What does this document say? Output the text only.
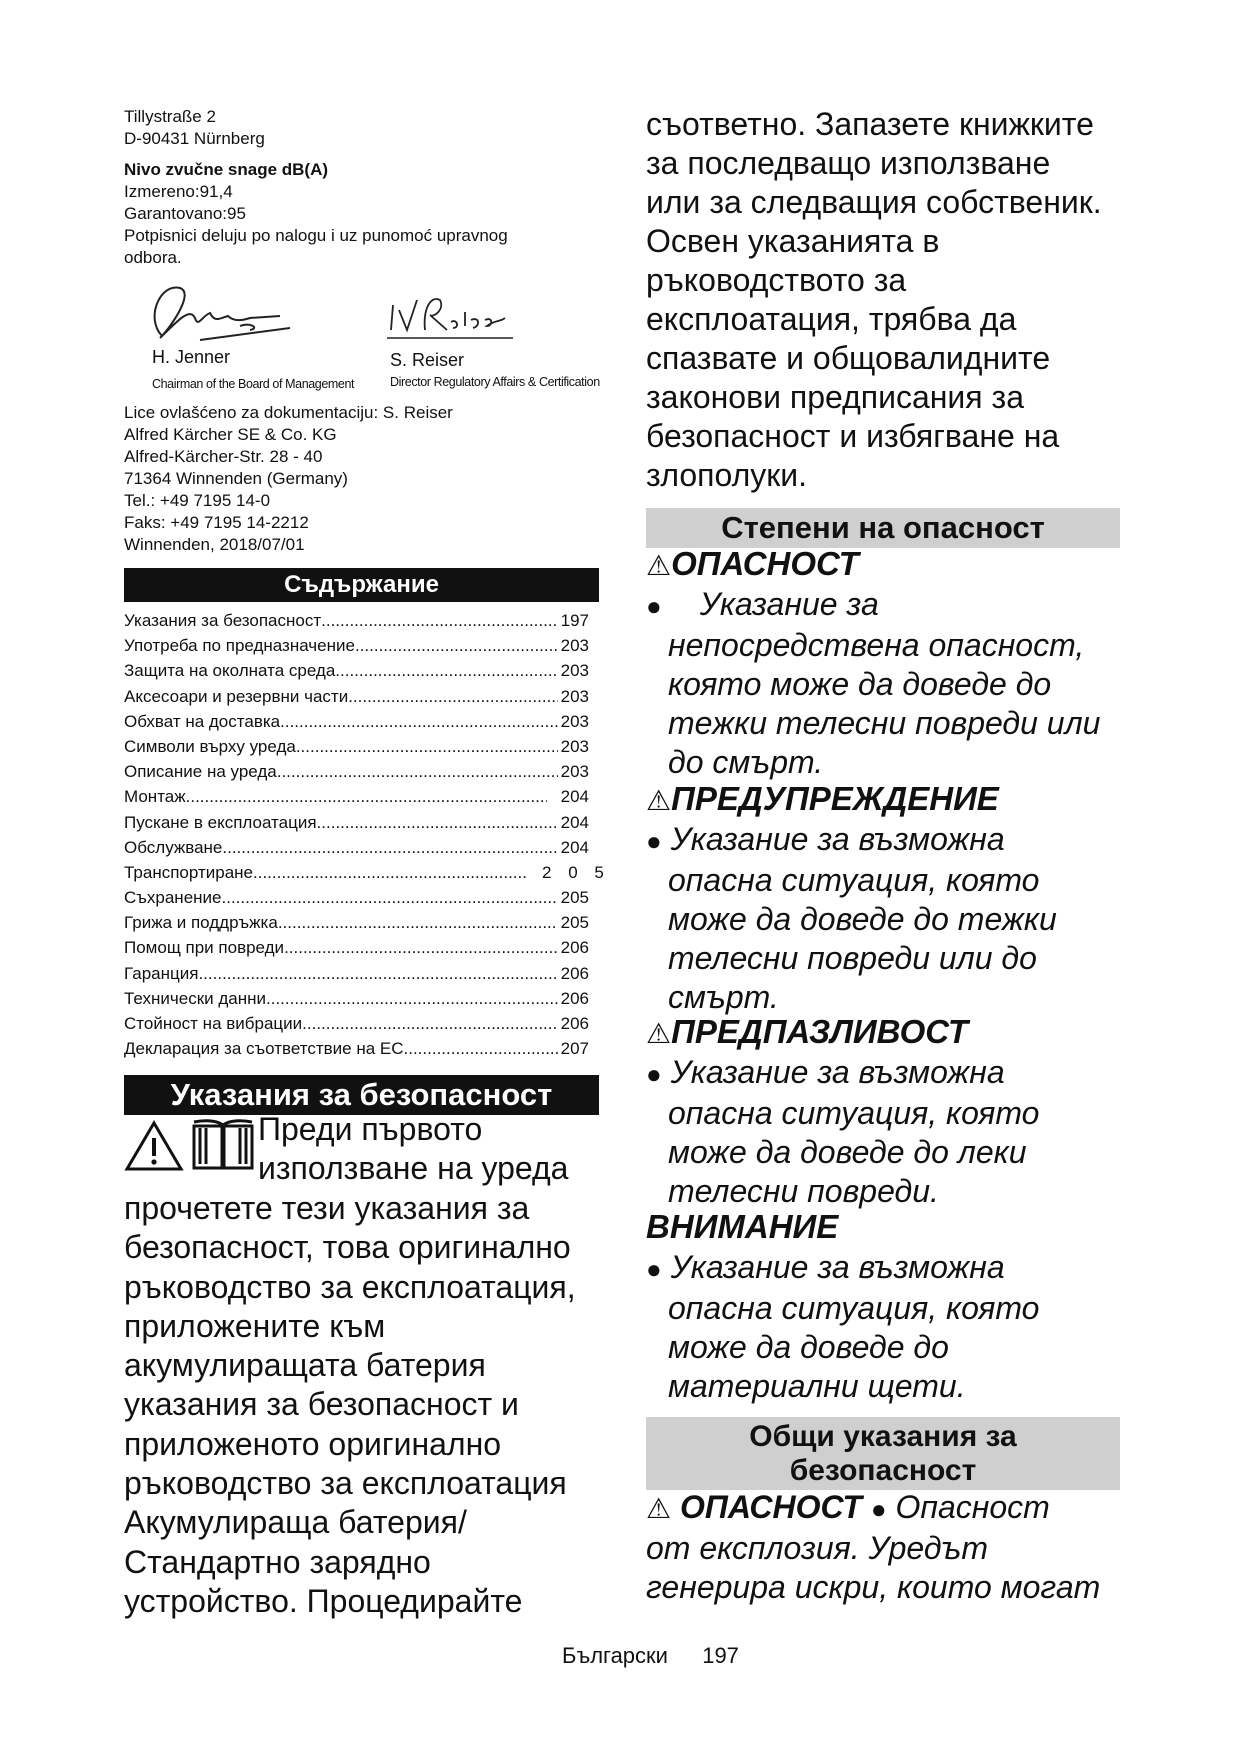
Tillystraße 2
D-90431 Nürnberg
Nivo zvučne snage dB(A)
Izmereno:91,4
Garantovano:95
Potpisnici deluju po nalogu i uz punomoć upravnog
odbora.
H. Jenner
Chairman of the Board of Management
S. Reiser
Director Regulatory Affairs & Certification
Lice ovlašćeno za dokumentaciju: S. Reiser
Alfred Kärcher SE & Co. KG
Alfred-Kärcher-Str. 28 - 40
71364 Winnenden (Germany)
Tel.: +49 7195 14-0
Faks: +49 7195 14-2212
Winnenden, 2018/07/01
Съдържание
Указания за безопасност .....	197
Употреба по предназначение .....	203
Защита на околната среда .....	203
Аксесоари и резервни части .....	203
Обхват на доставка .....	203
Символи върху уреда .....	203
Описание на уреда .....	203
Монтаж .....	204
Пускане в експлоатация .....	204
Обслужване .....	204
Транспортиране .....	2 0 5
Съхранение .....	205
Грижа и поддръжка .....	205
Помощ при повреди .....	206
Гаранция .....	206
Технически данни .....	206
Стойност на вибрации .....	206
Декларация за съответствие на ЕС .....	207
Указания за безопасност
Преди първото
използване на уреда
прочетете тези указания за
безопасност, това оригинално
ръководство за експлоатация,
приложените към
акумулиращата батерия
указания за безопасност и
приложеното оригинално
ръководство за експлоатация
Акумулираща батерия/
Стандартно зарядно
устройство. Процедирайте
съответно. Запазете книжките
за последващо използване
или за следващия собственик.
Освен указанията в
ръководството за
експлоатация, трябва да
спазвате и общовалидните
законови предписания за
безопасност и избягване на
злополуки.
Степени на опасност
⚠ОПАСНОСТ
● Указание за
непосредствена опасност,
която може да доведе до
тежки телесни повреди или
до смърт.
⚠ПРЕДУПРЕЖДЕНИЕ
● Указание за възможна
опасна ситуация, която
може да доведе до тежки
телесни повреди или до
смърт.
⚠ПРЕДПАЗЛИВОСТ
● Указание за възможна
опасна ситуация, която
може да доведе до леки
телесни повреди.
ВНИМАНИЕ
● Указание за възможна
опасна ситуация, която
може да доведе до
материални щети.
Общи указания за
безопасност
⚠ ОПАСНОСТ ● Опасност
от експлозия. Уредът
генерира искри, които могат
Български 197
